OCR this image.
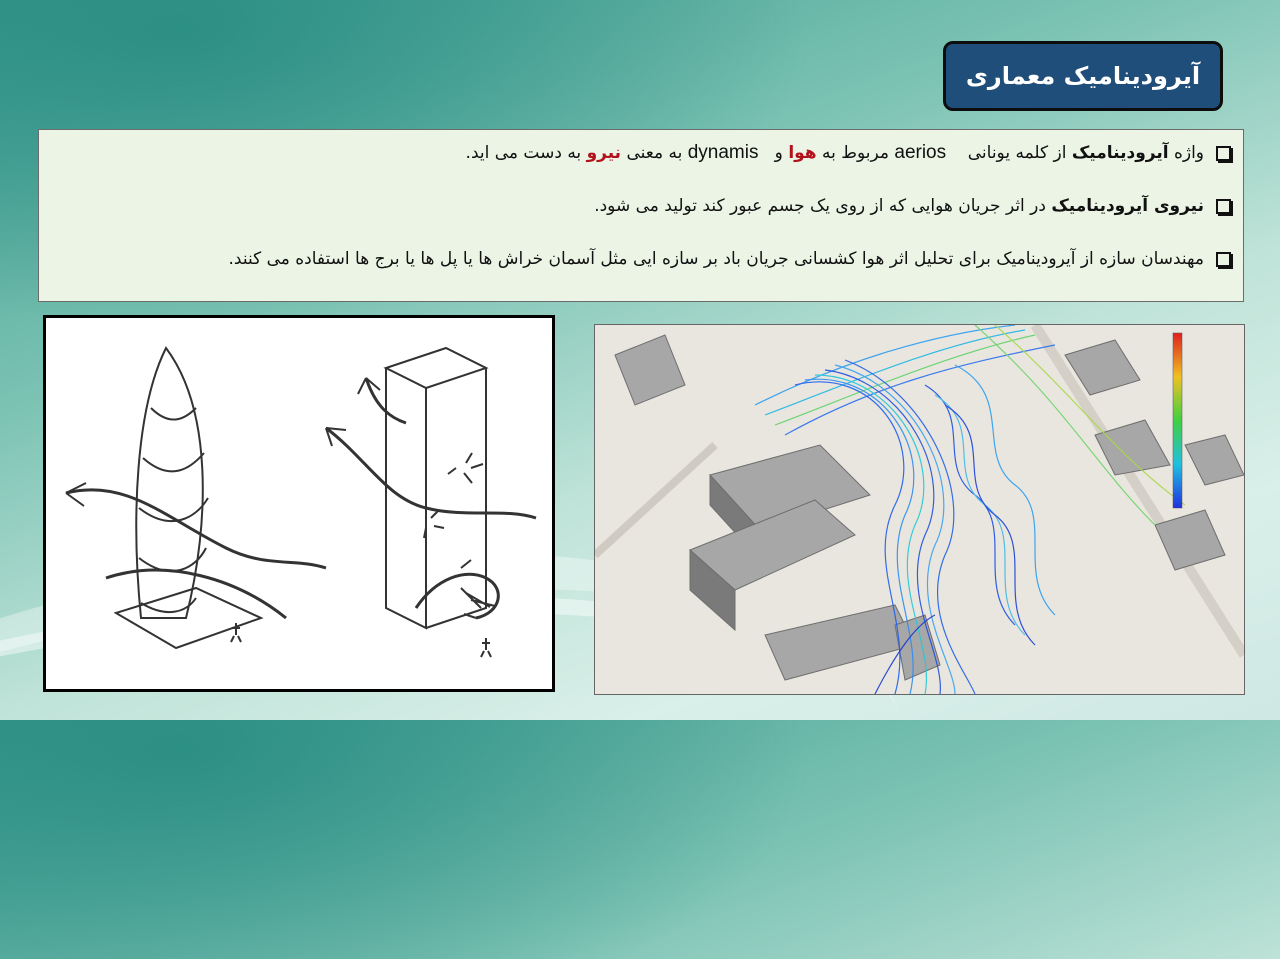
آیرودینامیک معماری
واژه آیرودینامیک از کلمه یونانی    aerios مربوط به هوا و   dynamis به معنی نیرو به دست می اید.
نیروی آیرودینامیک در اثر جریان هوایی که از روی یک جسم عبور کند تولید می شود.
مهندسان سازه از آیرودینامیک برای تحلیل اثر هوا کشسانی جریان باد بر سازه ایی مثل آسمان خراش ها یا پل ها یا برج ها استفاده می کنند.
